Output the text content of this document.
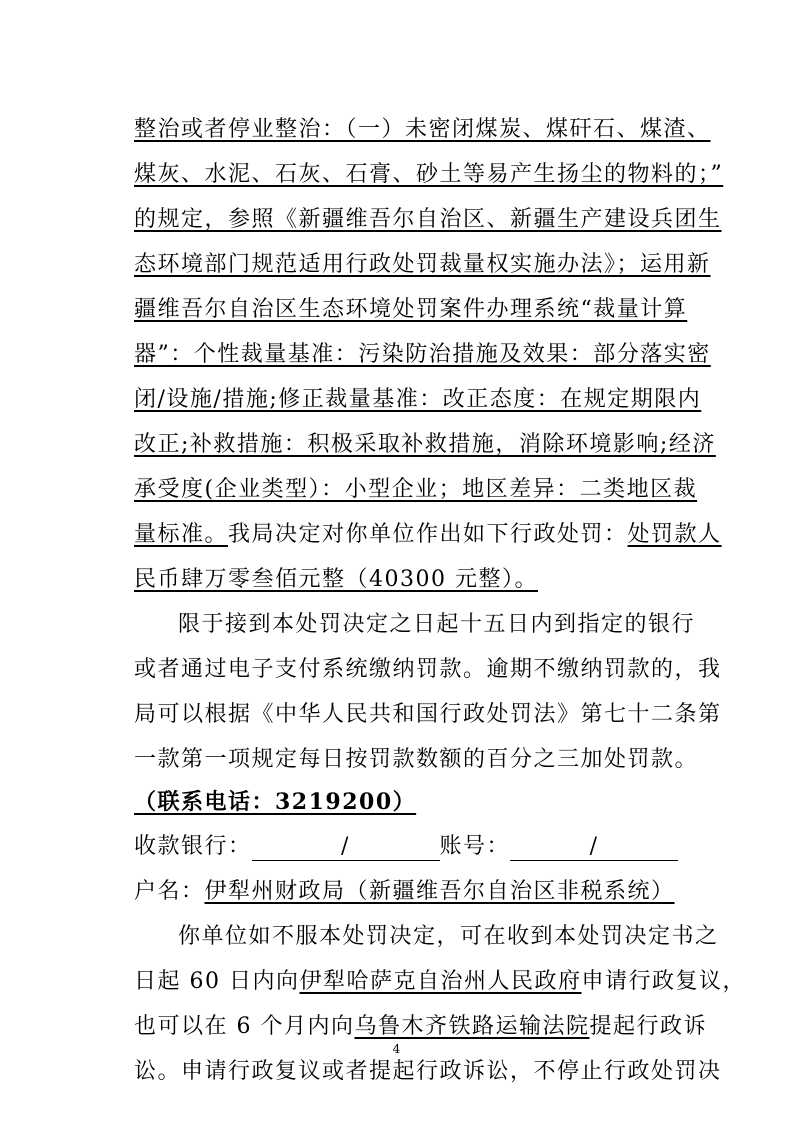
整治或者停业整治：（一）未密闭煤炭、煤矸石、煤渣、
煤灰、水泥、石灰、石膏、砂土等易产生扬尘的物料的；”
的规定，参照《新疆维吾尔自治区、新疆生产建设兵团生
态环境部门规范适用行政处罚裁量权实施办法》；运用新
疆维吾尔自治区生态环境处罚案件办理系统“裁量计算
器”：个性裁量基准：污染防治措施及效果：部分落实密
闭/设施/措施;修正裁量基准：改正态度：在规定期限内
改正;补救措施：积极采取补救措施，消除环境影响;经济
承受度(企业类型）：小型企业；地区差异：二类地区裁
量标准。我局决定对你单位作出如下行政处罚：处罚款人
民币肆万零叁佰元整（40300 元整）。
限于接到本处罚决定之日起十五日内到指定的银行
或者通过电子支付系统缴纳罚款。逾期不缴纳罚款的，我
局可以根据《中华人民共和国行政处罚法》第七十二条第
一款第一项规定每日按罚款数额的百分之三加处罚款。
（联系电话：3219200）
收款银行：	/	账号：	/
户名：伊犁州财政局（新疆维吾尔自治区非税系统）
你单位如不服本处罚决定，可在收到本处罚决定书之
日起 60 日内向伊犁哈萨克自治州人民政府申请行政复议，
也可以在 6 个月内向乌鲁木齐铁路运输法院提起行政诉
讼。申请行政复议或者提起行政诉讼，不停止行政处罚决
4
